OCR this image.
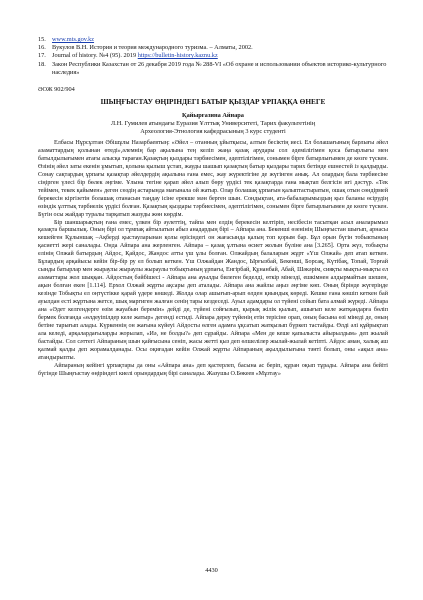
15. www.mts.gov.kz
16. Вукулов В.Н. История и теория международного туризма. – Алматы, 2002.
17. Journal of history. №4 (95). 2019 https://bulletin-history.kaznu.kz
18. Закон Республики Казахстан от 26 декабря 2019 года № 288-VI «Об охране и использовании объектов историко-культурного наследия»
ӘОЖ 902/904
ШЫҢҒЫСТАУ ӨҢІРІНДЕГІ БАТЫР ҚЫЗДАР ҰРПАҚҚА ӨНЕГЕ
Қайырғазина Айнара
Л.Н. Гумилев атындағы Еуразия Ұлттық Университеті, Тарих факультетінің
Археология-Этнология кафедрасының 3 курс студенті

Елбасы Нұрсұлтан Әбішұлы Назарбаевтың: «Әйел – отанның ұйытқысы, алтын бесіктің иесі. Ел болашағының барлығы әйел азаматтардың қолынан өтеді»,әлемнің бар ақылына тең келіп жаңа қазақ арудары сол әдемілігімен қоса батырлығы мен батылдылығымен атағы алысқа тараған.Қазақтың қыздары тәрбиесімен, әдептілігімен, сонымен бірге батырлығымен де көзге түскен. Өзінің әйел заты екенін ұмытып, қолына қылыш ұстап, жауды шашып қазақтың батыр қыздары тарих бетінде ешнестей із қалдырды. Сонау сақтардың ұрпағы қазақтар әйелдердің ақылына ғана емес, жау жүректігіне де жүгінген анық. Ал олардың бала тәрбиесіне сіңірген үлесі бір бөлек әңгіме. Ұлына тегіне қарап әйел алып бөру үрдісі тек қазақтарда ғана мықтап белгісін игі дәстүр. «Тек тейімен, текек қайымен» деген сөздің астарында мағынала ой жатыр. Олар болашақ ұрпағын қалыптастыратын, ошақ отын сөндірмей берекесін кіргізетін болашақ отанасын таңдау ісіне ерекше мән берген шын. Сондықтан, ата-бабаларымыздың қыз баланы өсірудің өзіндік ұлттық тәрбиелік үрдісі болған. Қазақтың қыздары тәрбиесімен, әдептілігімен, сонымен бірге батырлығымен де көзге түскен. Бүгін осы жайдар туралы тарқатып жазуды жөн көрдім.

Бір шаншарықтың ғана емес, үлкен бір әулеттің, тайпа мен елдің берекесін келтіріп, несібесін тасытқан асыл аналарымыз қазақта баршылық. Оның бірі ол тұмпақ айтылатын абыз анадардың бірі – Айпара ана. Бекенші өзенінің Шыңғыстан шығып, арнасы кешейген Құлыншақ –Ақберді қыстауларынан қолы өрісіндегі он жағасында қалың топ қорым бар. Бұл орын бүгін тобыктының қасиетті жері саналады. Онда Айпара ана жерленген. Айпара – қазақ ұлтына өсиет жолын бүліне ана [3.265]. Орта жүз, тобықты елінің Олжай батырдың Айдос, Қайдос, Жандос атты үш ұлы болған. Олжайдың балаларын жұрт «Үш Олжай» деп атап кеткен. Бұлардың арқайысы кейін бір-бір ру ел болып кеткен. Үш Олжайдан Жандос, Ырғызбай, Бекенші, Борсақ, Күтібақ, Топай, Торғай сынды батырлар мен жыраулы жыраулы жыраулы тобықтының ұрпағы, Енгірбай, Құнанбай, Абай, Шәкәрім, сияқты мықты-мықты ел азаматтары жол шыққан. Айдостың бәйбішесі - Айпара ана ауылды билеген беделді, өткір мінезді, ешкімнен алдырмайтын шешен, ақын болған екен [1.114]. Ерхол Олжай жұрты ақсары деп аталады. Айпара ана жайлы аңыз әңгіме көп. Оның бірінде жүгеріңде кезінде Тобықты ел оңтүстікке қарай үдере көшеді. Жолда олар ашығып-арып өлден қиындық көреді. Кешке ғана көшіп кеткен бай ауылдан есті жұртына жетсе, шық маргиген жалған сенің тары кездеседі. Ауыл адамдары ол түйені сойып бата алмай жүреді. Айпара ана «Әдет келгендерге өзім жауабын беремін» дейді де, түйені сойғызып, қырық жілік қылып, ашығып келе жатқандарға бөліп бермек болғанда «өлдеуіпілдер келе жатыр» дегенді естиді. Айпара дереу түйенің етін терісіне орап, оның басына өзі мінеді де, оның бетіне тарығып алады. Күркеннің он жағына күйеуі Айдосты өлген адамға ұқсатып жатқызып бүркеп тастайды. Өлді әлі құйрықтап ала келеді, арқалардағыларды жорылап, «Иә, не болды?» деп сұрайды. Айпара «Мен де кеше қапылыста айырылдым» деп жылай бастайды. Сол сәттегі Айпараның шын қайғысына сеніп, жасы жетті қыз деп өлшелілер жылай-жылай кетіпті. Айдос аман, халық аш қалмай қалды деп жорамалданады. Осы оқиғадан кейін Олжай жұрты Айпараның ақылдылығына тәнті болып, оны «ақыл ана» атандырыпты.

Айпараның кейінгі ұрпақтары да оны «Айпара ана» деп қастерлеп, басына ас беріп, құран оқып тұрады. Айпара ана бейіті бүгінде Шыңғыстау өңіріндегі киелі орындардың бірі саналады. Жазушы О.Бөкеев «Мұзтау»

4430
